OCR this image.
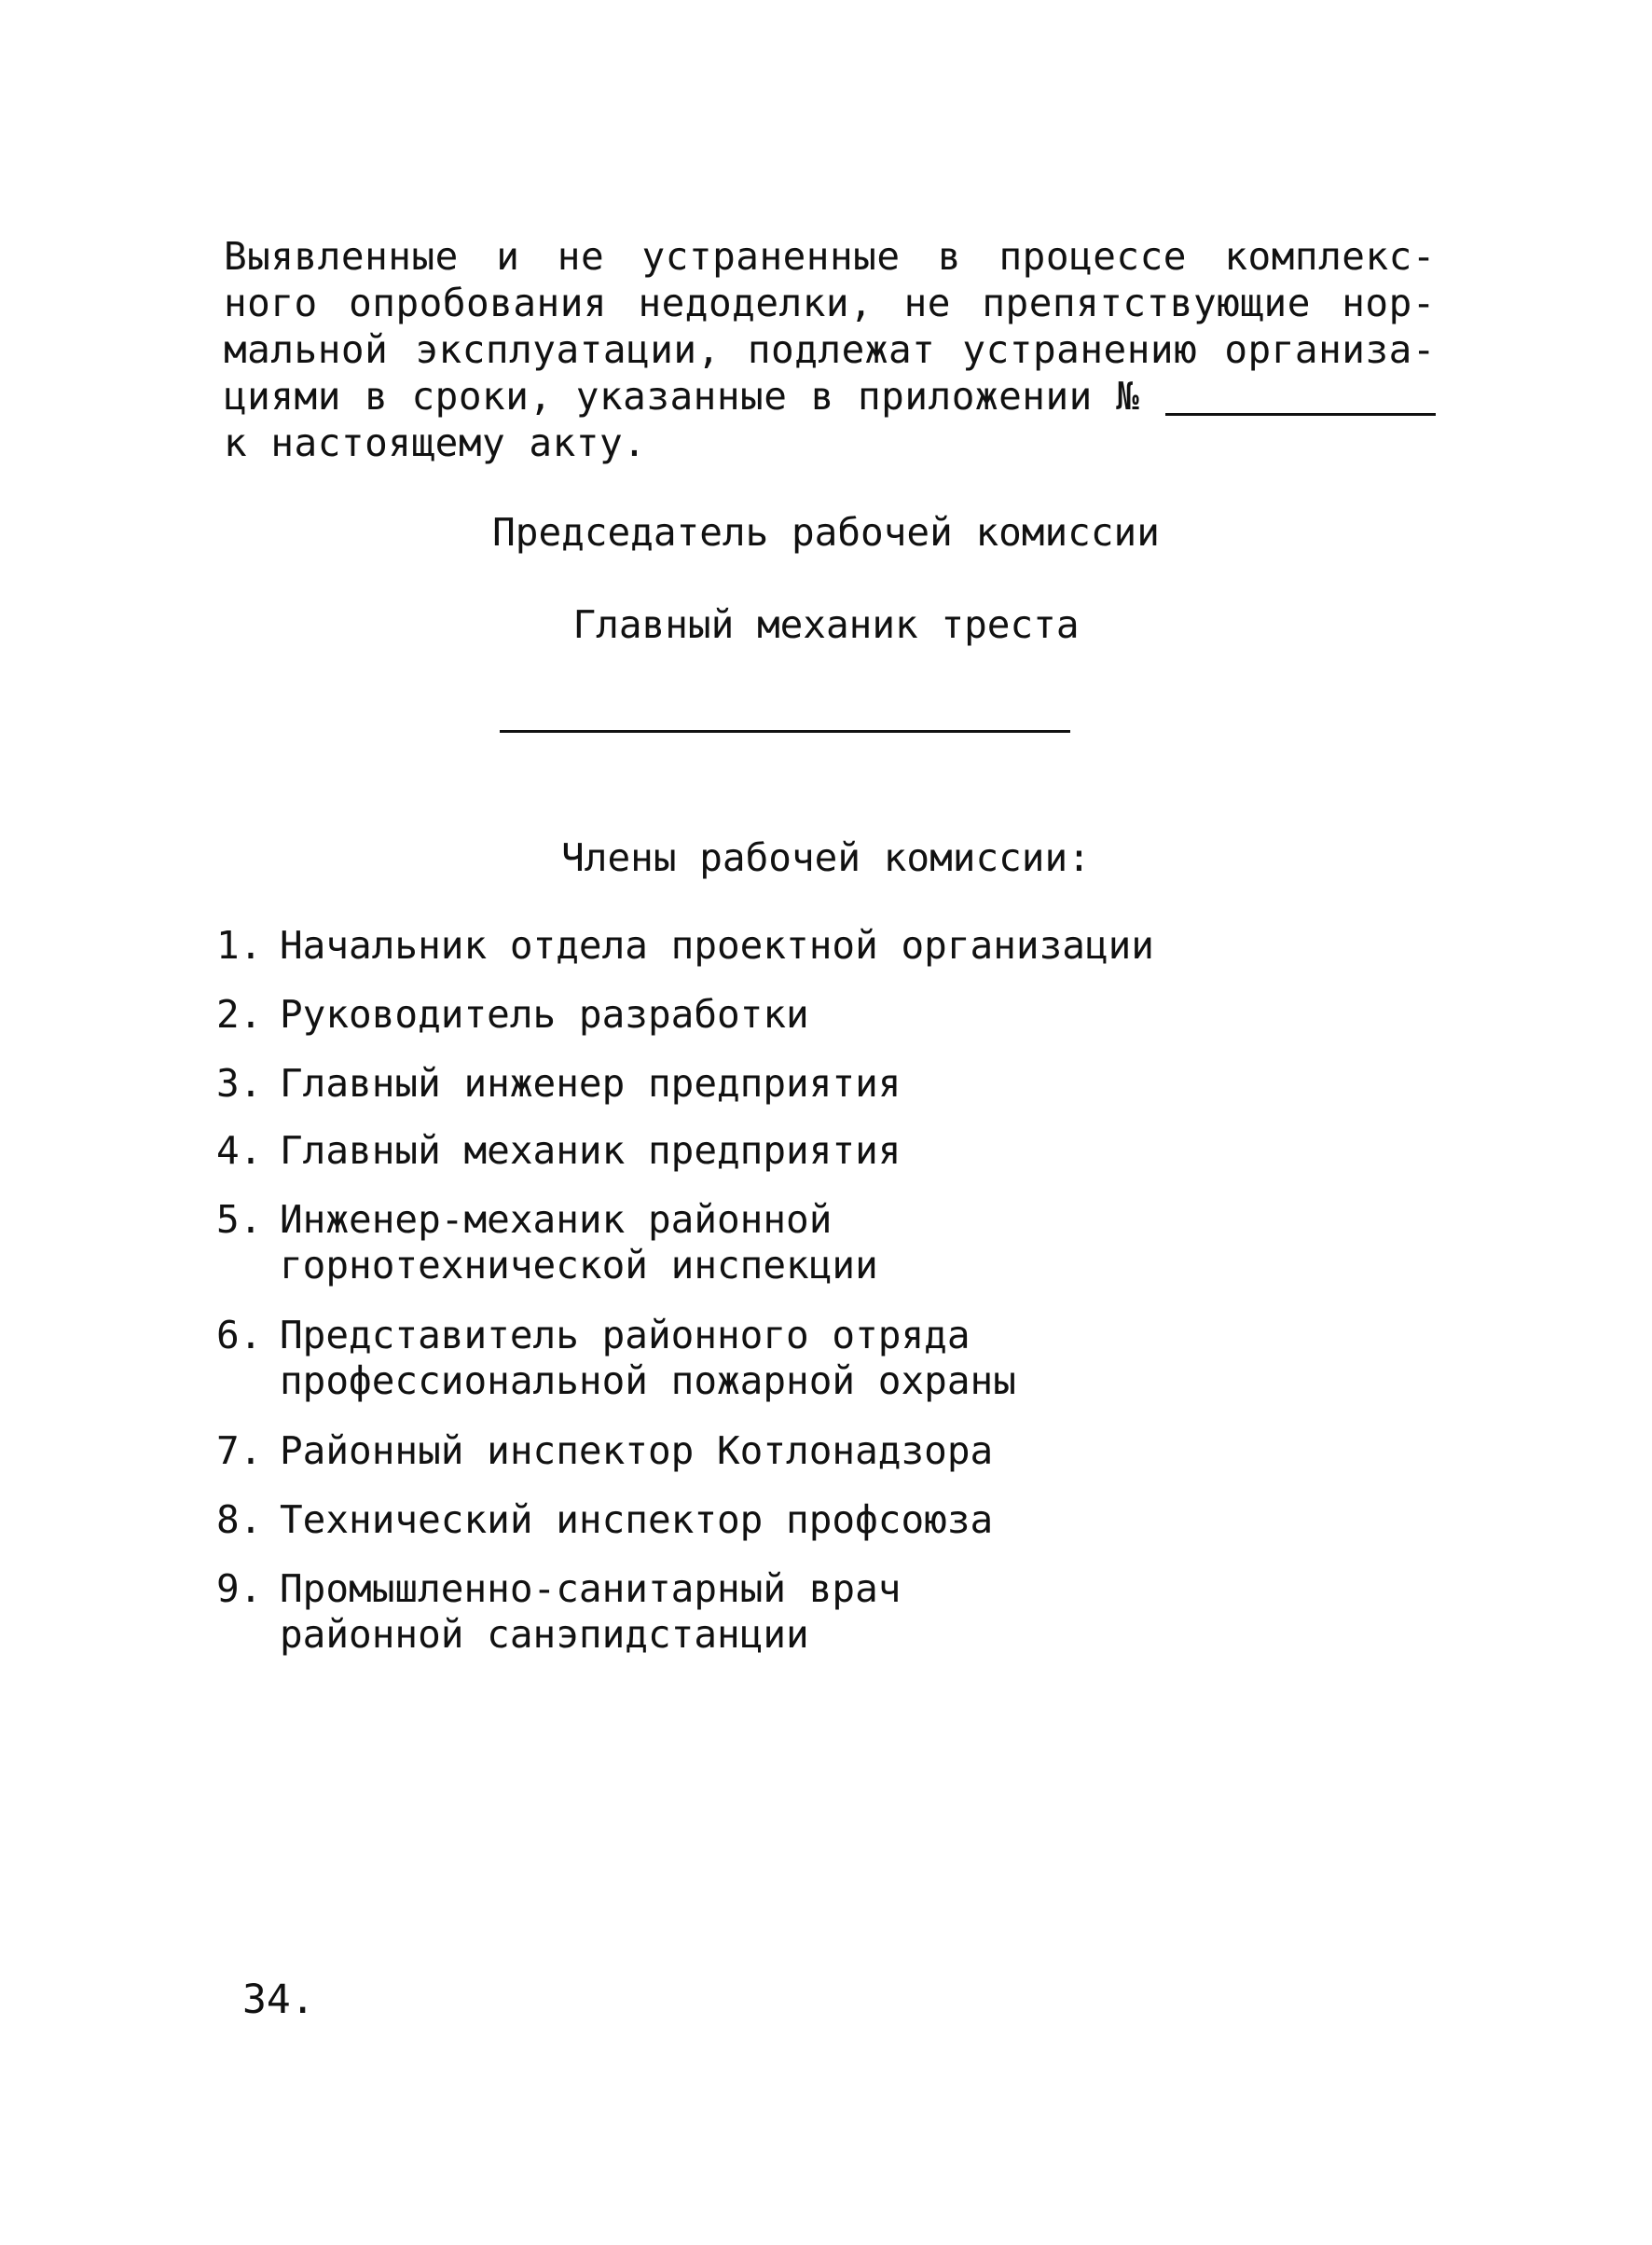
Выявленные и не устраненные в процессе комплекс-
ного опробования недоделки, не препятствующие нор-
мальной эксплуатации, подлежат устранению организа-
циями в сроки, указанные в приложении №
к настоящему акту.
Председатель рабочей комиссии
Главный механик треста
Члены рабочей комиссии:
1. Начальник отдела проектной организации
2. Руководитель разработки
3. Главный инженер предприятия
4. Главный механик предприятия
5. Инженер-механик районной
горнотехнической инспекции
6. Представитель районного отряда
профессиональной пожарной охраны
7. Районный инспектор Котлонадзора
8. Технический инспектор профсоюза
9. Промышленно-санитарный врач
районной санэпидстанции
34.
